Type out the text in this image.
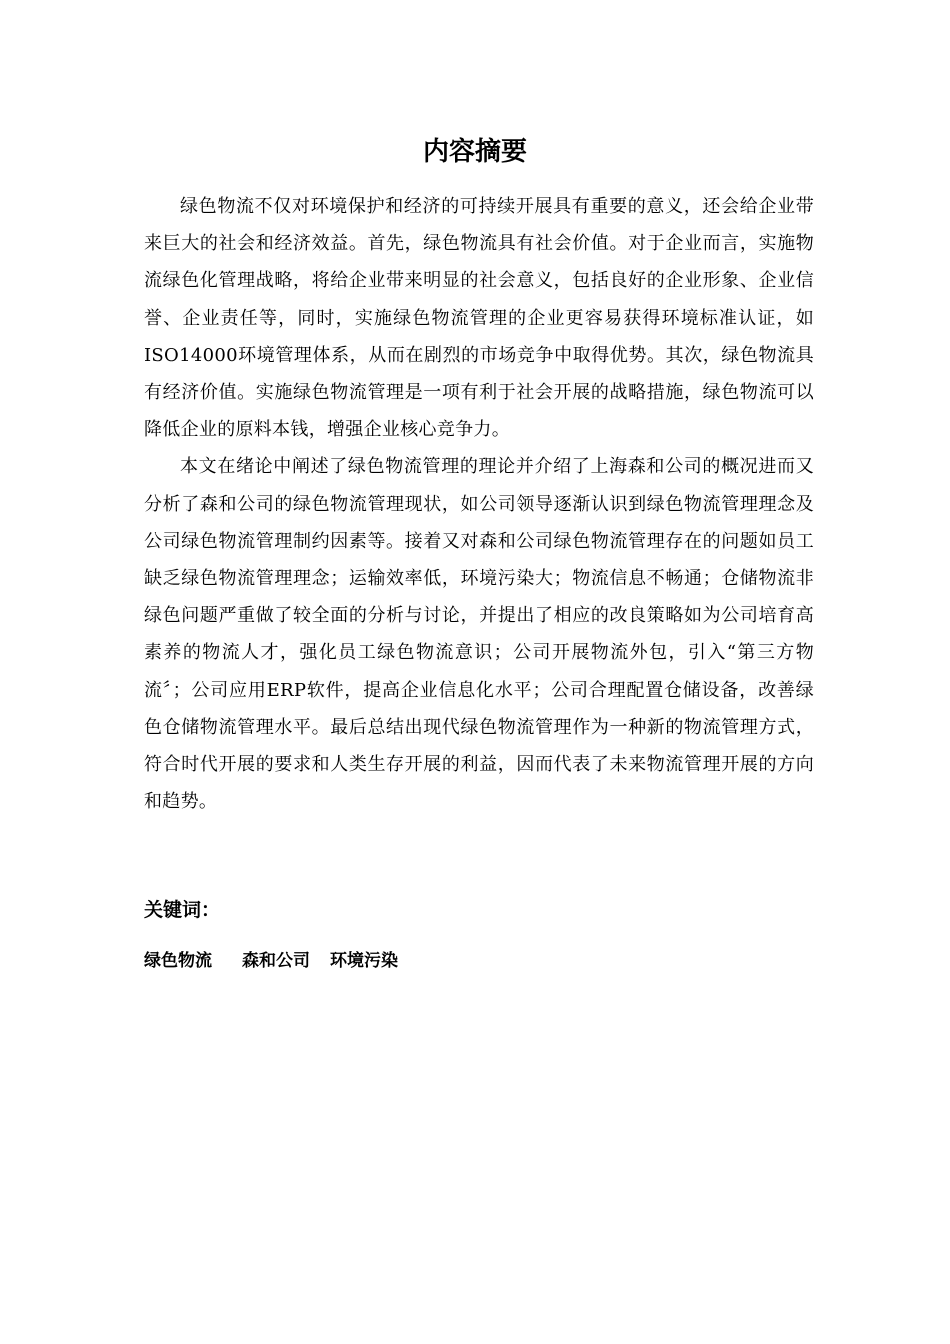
内容摘要

绿色物流不仅对环境保护和经济的可持续开展具有重要的意义，还会给企业带来巨大的社会和经济效益。首先，绿色物流具有社会价值。对于企业而言，实施物流绿色化管理战略，将给企业带来明显的社会意义，包括良好的企业形象、企业信誉、企业责任等，同时，实施绿色物流管理的企业更容易获得环境标准认证，如ISO14000环境管理体系，从而在剧烈的市场竞争中取得优势。其次，绿色物流具有经济价值。实施绿色物流管理是一项有利于社会开展的战略措施，绿色物流可以降低企业的原料本钱，增强企业核心竞争力。

本文在绪论中阐述了绿色物流管理的理论并介绍了上海森和公司的概况进而又分析了森和公司的绿色物流管理现状，如公司领导逐渐认识到绿色物流管理理念及公司绿色物流管理制约因素等。接着又对森和公司绿色物流管理存在的问题如员工缺乏绿色物流管理理念；运输效率低，环境污染大；物流信息不畅通；仓储物流非绿色问题严重做了较全面的分析与讨论，并提出了相应的改良策略如为公司培育高素养的物流人才，强化员工绿色物流意识；公司开展物流外包，引入“第三方物流〞；公司应用ERP软件，提高企业信息化水平；公司合理配置仓储设备，改善绿色仓储物流管理水平。最后总结出现代绿色物流管理作为一种新的物流管理方式，符合时代开展的要求和人类生存开展的利益，因而代表了未来物流管理开展的方向和趋势。

关键词：
绿色物流 森和公司 环境污染
